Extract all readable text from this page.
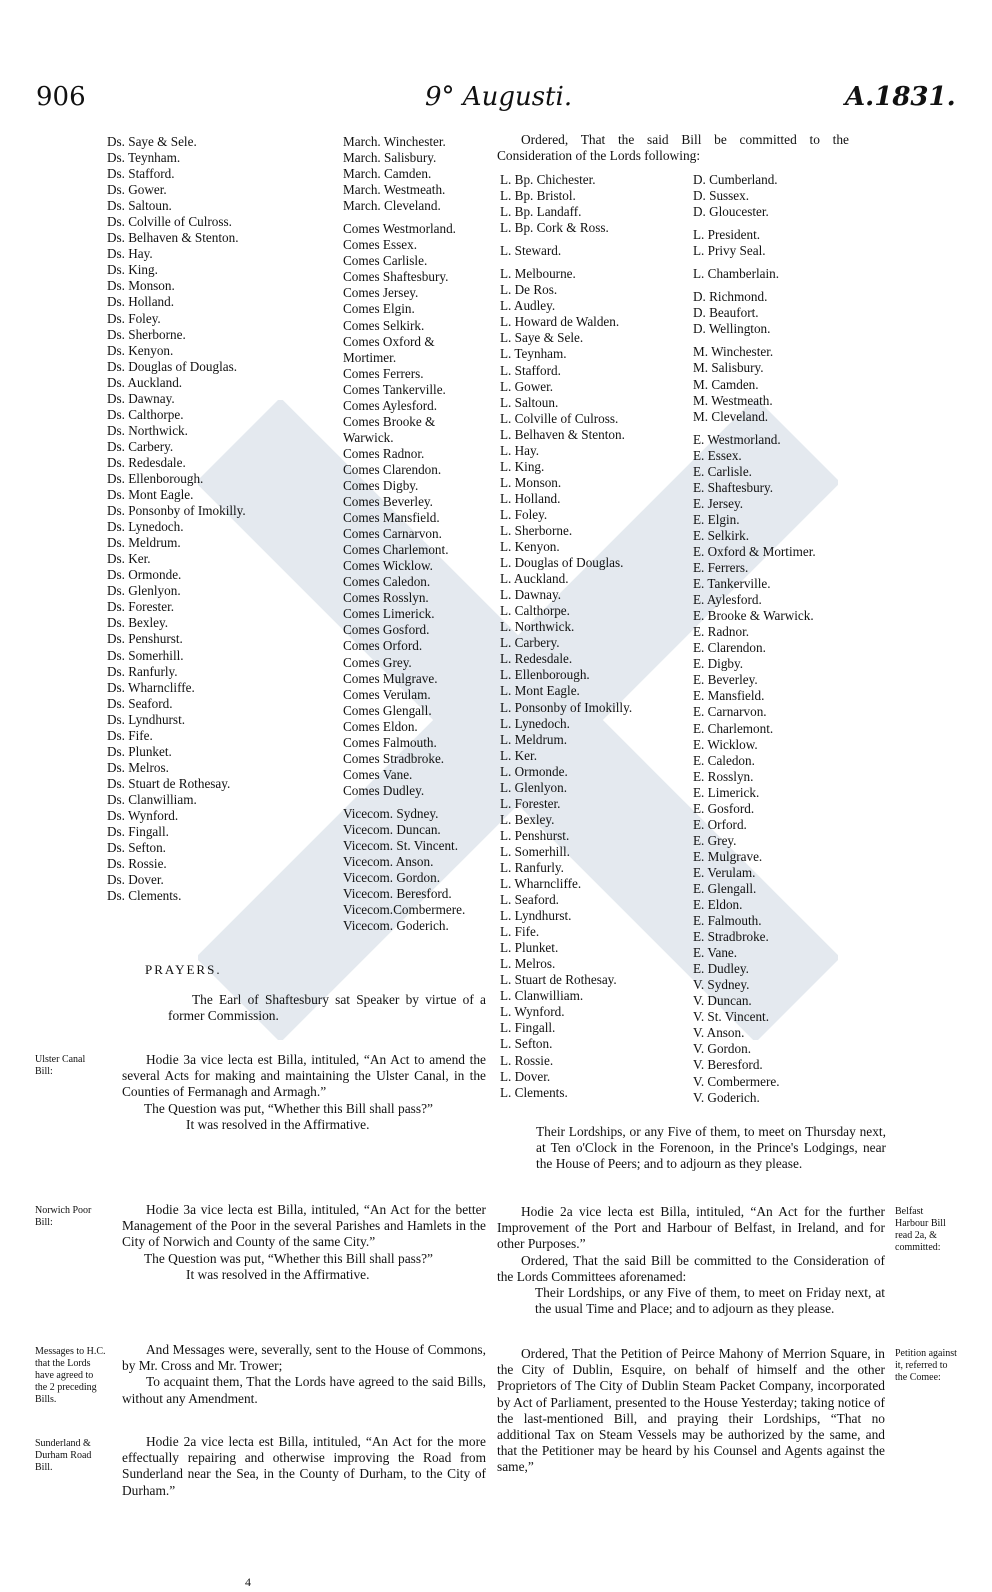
906	9° Augusti.	A.1831.
Ds. Saye & Sele.
Ds. Teynham.
Ds. Stafford.
Ds. Gower.
Ds. Saltoun.
Ds. Colville of Culross.
Ds. Belhaven & Stenton.
Ds. Hay.
Ds. King.
Ds. Monson.
Ds. Holland.
Ds. Foley.
Ds. Sherborne.
Ds. Kenyon.
Ds. Douglas of Douglas.
Ds. Auckland.
Ds. Dawnay.
Ds. Calthorpe.
Ds. Northwick.
Ds. Carbery.
Ds. Redesdale.
Ds. Ellenborough.
Ds. Mont Eagle.
Ds. Ponsonby of Imokilly.
Ds. Lynedoch.
Ds. Meldrum.
Ds. Ker.
Ds. Ormonde.
Ds. Glenlyon.
Ds. Forester.
Ds. Bexley.
Ds. Penshurst.
Ds. Somerhill.
Ds. Ranfurly.
Ds. Wharncliffe.
Ds. Seaford.
Ds. Lyndhurst.
Ds. Fife.
Ds. Plunket.
Ds. Melros.
Ds. Stuart de Rothesay.
Ds. Clanwilliam.
Ds. Wynford.
Ds. Fingall.
Ds. Sefton.
Ds. Rossie.
Ds. Dover.
Ds. Clements.
March. Winchester.
March. Salisbury.
March. Camden.
March. Westmeath.
March. Cleveland.
Comes Westmorland.
Comes Essex.
Comes Carlisle.
Comes Shaftesbury.
Comes Jersey.
Comes Elgin.
Comes Selkirk.
Comes Oxford &
Mortimer.
Comes Ferrers.
Comes Tankerville.
Comes Aylesford.
Comes Brooke &
Warwick.
Comes Radnor.
Comes Clarendon.
Comes Digby.
Comes Beverley.
Comes Mansfield.
Comes Carnarvon.
Comes Charlemont.
Comes Wicklow.
Comes Caledon.
Comes Rosslyn.
Comes Limerick.
Comes Gosford.
Comes Orford.
Comes Grey.
Comes Mulgrave.
Comes Verulam.
Comes Glengall.
Comes Eldon.
Comes Falmouth.
Comes Stradbroke.
Comes Vane.
Comes Dudley.
Vicecom. Sydney.
Vicecom. Duncan.
Vicecom. St. Vincent.
Vicecom. Anson.
Vicecom. Gordon.
Vicecom. Beresford.
Vicecom.Combermere.
Vicecom. Goderich.
Ordered, That the said Bill be committed to the Consideration of the Lords following:
L. Bp. Chichester.
L. Bp. Bristol.
L. Bp. Landaff.
L. Bp. Cork & Ross.
L. Steward.
L. Melbourne.
L. De Ros.
L. Audley.
L. Howard de Walden.
L. Saye & Sele.
L. Teynham.
L. Stafford.
L. Gower.
L. Saltoun.
L. Colville of Culross.
L. Belhaven & Stenton.
L. Hay.
L. King.
L. Monson.
L. Holland.
L. Foley.
L. Sherborne.
L. Kenyon.
L. Douglas of Douglas.
L. Auckland.
L. Dawnay.
L. Calthorpe.
L. Northwick.
L. Carbery.
L. Redesdale.
L. Ellenborough.
L. Mont Eagle.
L. Ponsonby of Imokilly.
L. Lynedoch.
L. Meldrum.
L. Ker.
L. Ormonde.
L. Glenlyon.
L. Forester.
L. Bexley.
L. Penshurst.
L. Somerhill.
L. Ranfurly.
L. Wharncliffe.
L. Seaford.
L. Lyndhurst.
L. Fife.
L. Plunket.
L. Melros.
L. Stuart de Rothesay.
L. Clanwilliam.
L. Wynford.
L. Fingall.
L. Sefton.
L. Rossie.
L. Dover.
L. Clements.
D. Cumberland.
D. Sussex.
D. Gloucester.
L. President.
L. Privy Seal.
L. Chamberlain.
D. Richmond.
D. Beaufort.
D. Wellington.
M. Winchester.
M. Salisbury.
M. Camden.
M. Westmeath.
M. Cleveland.
E. Westmorland.
E. Essex.
E. Carlisle.
E. Shaftesbury.
E. Jersey.
E. Elgin.
E. Selkirk.
E. Oxford & Mortimer.
E. Ferrers.
E. Tankerville.
E. Aylesford.
E. Brooke & Warwick.
E. Radnor.
E. Clarendon.
E. Digby.
E. Beverley.
E. Mansfield.
E. Carnarvon.
E. Charlemont.
E. Wicklow.
E. Caledon.
E. Rosslyn.
E. Limerick.
E. Gosford.
E. Orford.
E. Grey.
E. Mulgrave.
E. Verulam.
E. Glengall.
E. Eldon.
E. Falmouth.
E. Stradbroke.
E. Vane.
E. Dudley.
V. Sydney.
V. Duncan.
V. St. Vincent.
V. Anson.
V. Gordon.
V. Beresford.
V. Combermere.
V. Goderich.
Their Lordships, or any Five of them, to meet on Thursday next, at Ten o'Clock in the Forenoon, in the Prince's Lodgings, near the House of Peers; and to adjourn as they please.
PRAYERS.
The Earl of Shaftesbury sat Speaker by virtue of a former Commission.
Ulster Canal Bill:
Hodie 3a vice lecta est Billa, intituled, “An Act to amend the several Acts for making and maintaining the Ulster Canal, in the Counties of Fermanagh and Armagh.”
The Question was put, “Whether this Bill shall pass?”
It was resolved in the Affirmative.
Norwich Poor Bill:
Hodie 3a vice lecta est Billa, intituled, “An Act for the better Management of the Poor in the several Parishes and Hamlets in the City of Norwich and County of the same City.”
The Question was put, “Whether this Bill shall pass?”
It was resolved in the Affirmative.
Messages to H.C. that the Lords have agreed to the 2 preceding Bills.
And Messages were, severally, sent to the House of Commons, by Mr. Cross and Mr. Trower;
To acquaint them, That the Lords have agreed to the said Bills, without any Amendment.
Sunderland & Durham Road Bill.
Hodie 2a vice lecta est Billa, intituled, “An Act for the more effectually repairing and otherwise improving the Road from Sunderland near the Sea, in the County of Durham, to the City of Durham.”
4
Belfast Harbour Bill read 2a, & committed:
Hodie 2a vice lecta est Billa, intituled, “An Act for the further Improvement of the Port and Harbour of Belfast, in Ireland, and for other Purposes.”
Ordered, That the said Bill be committed to the Consideration of the Lords Committees aforenamed:
Their Lordships, or any Five of them, to meet on Friday next, at the usual Time and Place; and to adjourn as they please.
Petition against it, referred to the Comee:
Ordered, That the Petition of Peirce Mahony of Merrion Square, in the City of Dublin, Esquire, on behalf of himself and the other Proprietors of The City of Dublin Steam Packet Company, incorporated by Act of Parliament, presented to the House Yesterday; taking notice of the last-mentioned Bill, and praying their Lordships, “That no additional Tax on Steam Vessels may be authorized by the same, and that the Petitioner may be heard by his Counsel and Agents against the same,”
